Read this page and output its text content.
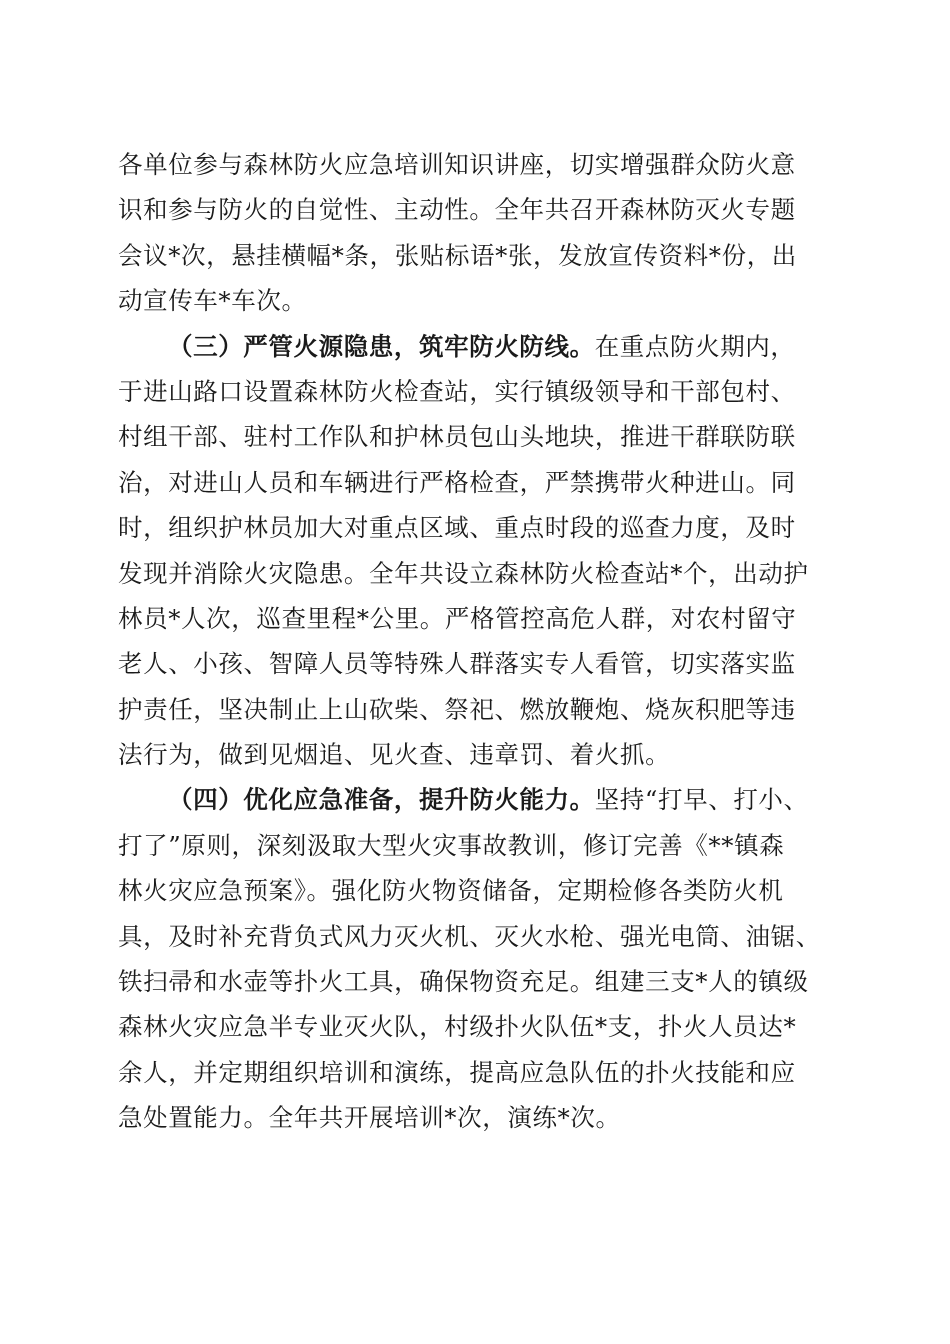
各单位参与森林防火应急培训知识讲座，切实增强群众防火意
识和参与防火的自觉性、主动性。全年共召开森林防灭火专题
会议*次，悬挂横幅*条，张贴标语*张，发放宣传资料*份，出
动宣传车*车次。
（三）严管火源隐患，筑牢防火防线。在重点防火期内，
于进山路口设置森林防火检查站，实行镇级领导和干部包村、
村组干部、驻村工作队和护林员包山头地块，推进干群联防联
治，对进山人员和车辆进行严格检查，严禁携带火种进山。同
时，组织护林员加大对重点区域、重点时段的巡查力度，及时
发现并消除火灾隐患。全年共设立森林防火检查站*个，出动护
林员*人次，巡查里程*公里。严格管控高危人群，对农村留守
老人、小孩、智障人员等特殊人群落实专人看管，切实落实监
护责任，坚决制止上山砍柴、祭祀、燃放鞭炮、烧灰积肥等违
法行为，做到见烟追、见火查、违章罚、着火抓。
（四）优化应急准备，提升防火能力。坚持“打早、打小、
打了”原则，深刻汲取大型火灾事故教训，修订完善《**镇森
林火灾应急预案》。强化防火物资储备，定期检修各类防火机
具，及时补充背负式风力灭火机、灭火水枪、强光电筒、油锯、
铁扫帚和水壶等扑火工具，确保物资充足。组建三支*人的镇级
森林火灾应急半专业灭火队，村级扑火队伍*支，扑火人员达*
余人，并定期组织培训和演练，提高应急队伍的扑火技能和应
急处置能力。全年共开展培训*次，演练*次。
